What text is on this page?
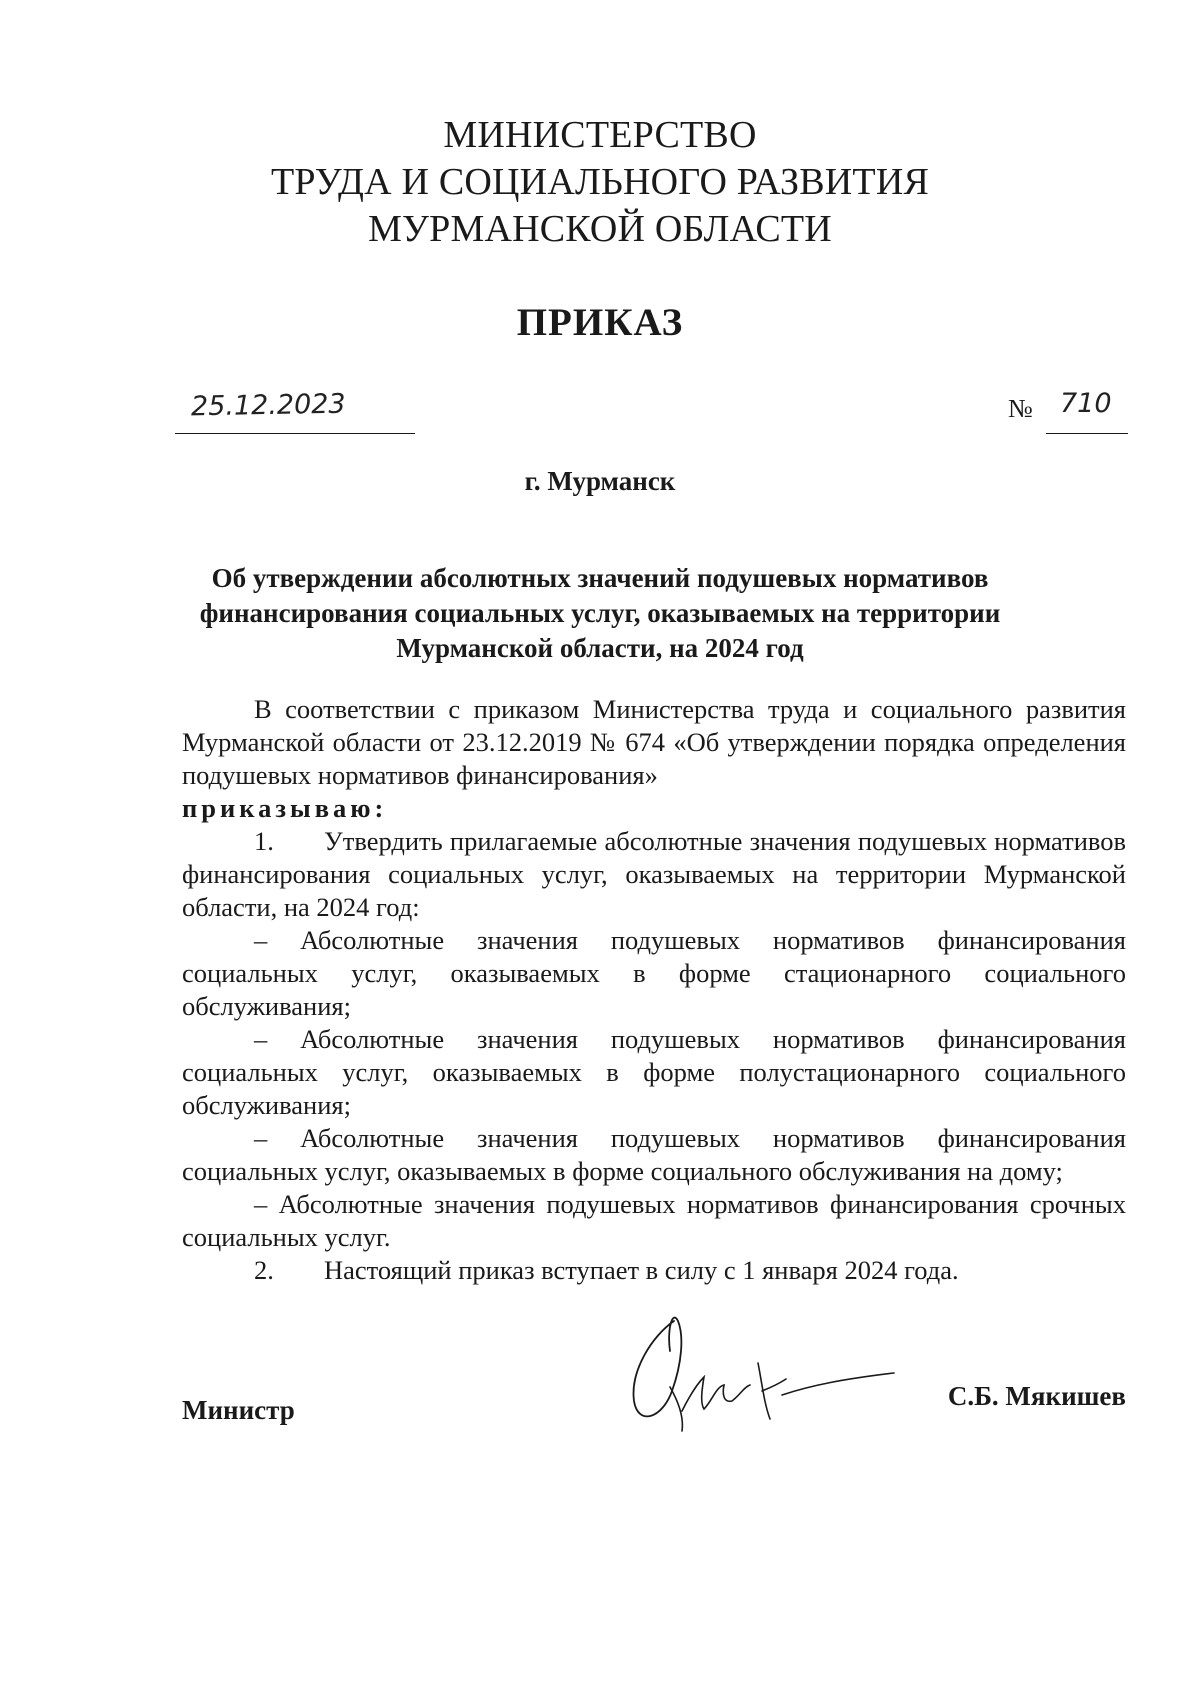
МИНИСТЕРСТВО
ТРУДА И СОЦИАЛЬНОГО РАЗВИТИЯ
МУРМАНСКОЙ ОБЛАСТИ
ПРИКАЗ
25.12.2023	№ 710
г. Мурманск
Об утверждении абсолютных значений подушевых нормативов
финансирования социальных услуг, оказываемых на территории
Мурманской области, на 2024 год

В соответствии с приказом Министерства труда и социального развития Мурманской области от 23.12.2019 № 674 «Об утверждении порядка определения подушевых нормативов финансирования»

приказываю:

1. Утвердить прилагаемые абсолютные значения подушевых нормативов финансирования социальных услуг, оказываемых на территории Мурманской области, на 2024 год:

– Абсолютные значения подушевых нормативов финансирования социальных услуг, оказываемых в форме стационарного социального обслуживания;

– Абсолютные значения подушевых нормативов финансирования социальных услуг, оказываемых в форме полустационарного социального обслуживания;

– Абсолютные значения подушевых нормативов финансирования социальных услуг, оказываемых в форме социального обслуживания на дому;

– Абсолютные значения подушевых нормативов финансирования срочных социальных услуг.

2. Настоящий приказ вступает в силу с 1 января 2024 года.

Министр	С.Б. Мякишев
